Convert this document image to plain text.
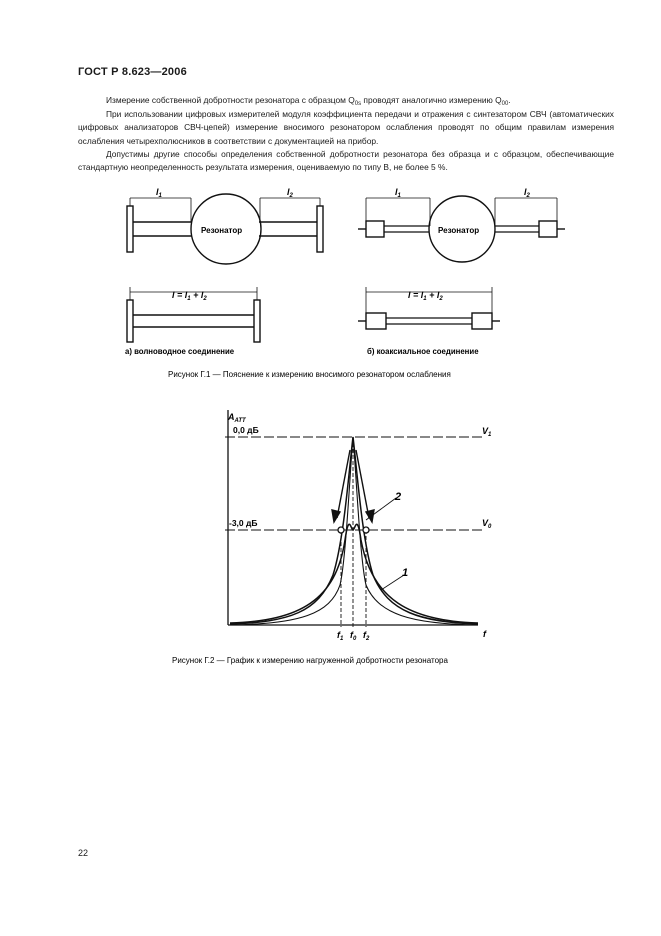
ГОСТ Р 8.623—2006
Измерение собственной добротности резонатора с образцом $Q_{0s}$ проводят аналогично измерению $Q_{00}$.
При использовании цифровых измерителей модуля коэффициента передачи и отражения с синтезатором СВЧ (автоматических цифровых анализаторов СВЧ-цепей) измерение вносимого резонатором ослабления проводят по общим правилам измерения ослабления четырехполюсников в соответствии с документацией на прибор.
Допустимы другие способы определения собственной добротности резонатора без образца и с образцом, обеспечивающие стандартную неопределенность результата измерения, оцениваемую по типу В, не более 5 %.
Резонатор
$l_1$	$l_2$
Резонатор
$l_1$	$l_2$
$l = l_1 + l_2$
а) волноводное соединение
$l = l_1 + l_2$
б) коаксиальное соединение
Рисунок Г.1 — Пояснение к измерению вносимого резонатором ослабления
$A_{ATT}$
0,0 дБ
-3,0 дБ
$V_1$
$V_0$
2
1
f
$f_1$ $f_0$ $f_2$
Рисунок Г.2 — График к измерению нагруженной добротности резонатора
22
